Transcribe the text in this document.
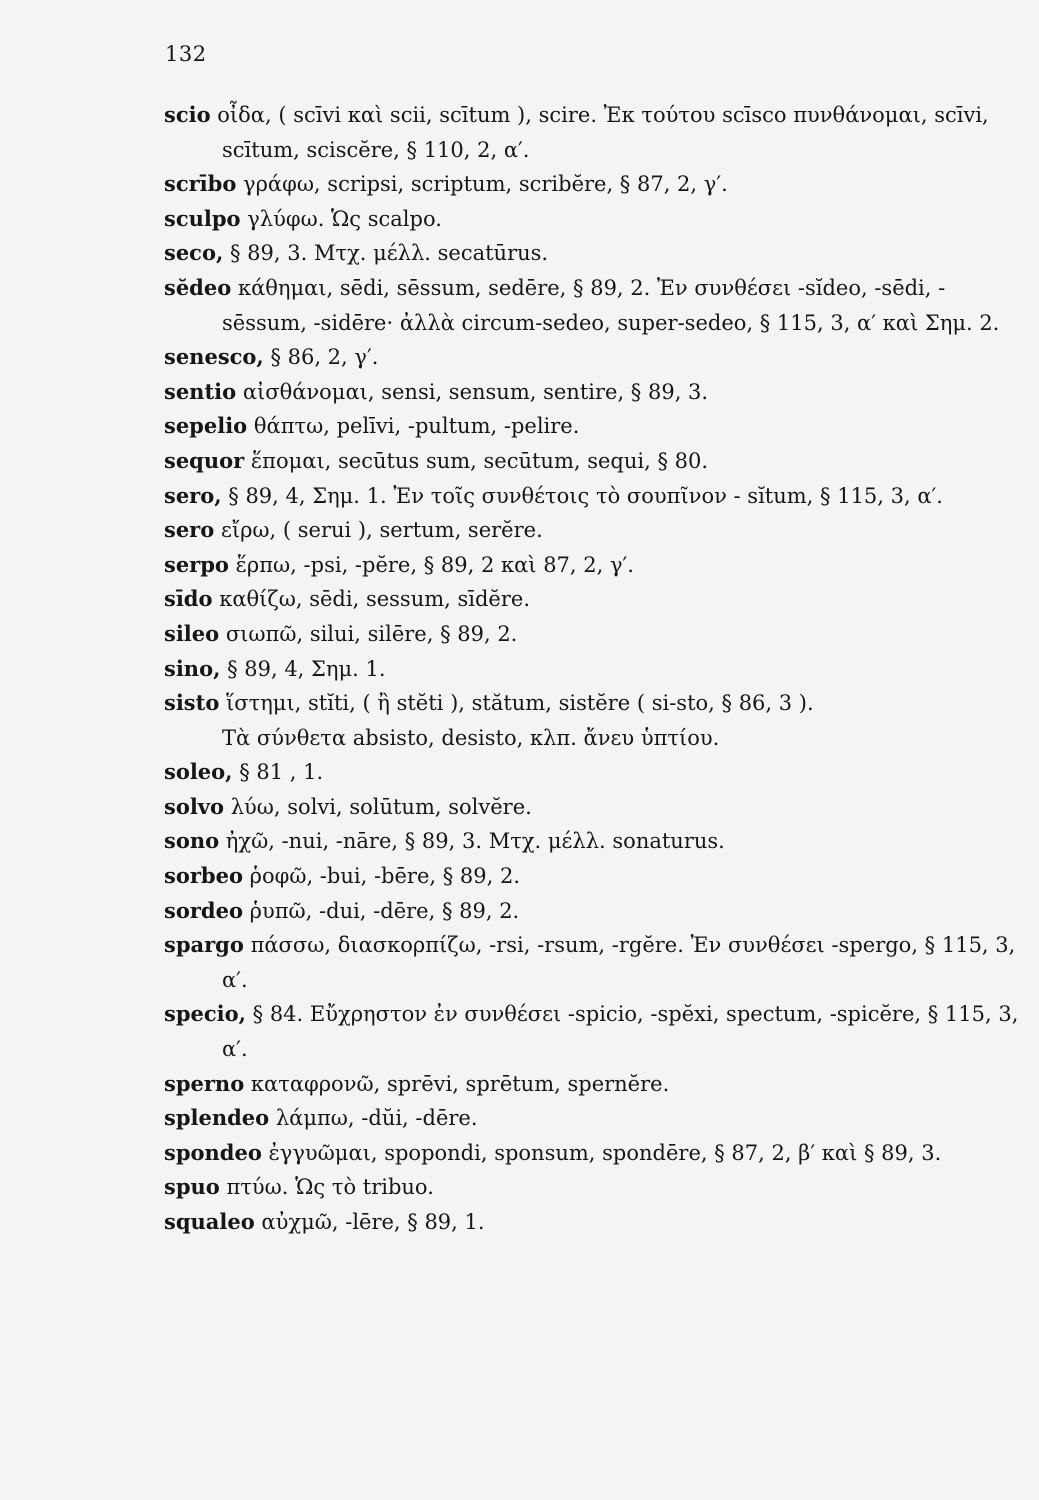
132
scio οἶδα, ( scīvi καὶ scii, scītum ), scire. Ἐκ τούτου scīsco πυνθάνομαι, scīvi, scītum, sciscĕre, § 110, 2, α′.
scrībo γράφω, scripsi, scriptum, scribĕre, § 87, 2, γ′.
sculpo γλύφω. Ὡς scalpo.
seco, § 89, 3. Μτχ. μέλλ. secatūrus.
sĕdeo κάθημαι, sēdi, sēssum, sedēre, § 89, 2. Ἐν συνθέσει -sĭdeo, -sēdi, -sēssum, -sidēre· ἀλλὰ circum-sedeo, super-sedeo, § 115, 3, α′ καὶ Σημ. 2.
senesco, § 86, 2, γ′.
sentio αἰσθάνομαι, sensi, sensum, sentire, § 89, 3.
sepelio θάπτω, pelīvi, -pultum, -pelire.
sequor ἕπομαι, secūtus sum, secūtum, sequi, § 80.
sero, § 89, 4, Σημ. 1. Ἐν τοῖς συνθέτοις τὸ σουπῖνον - sĭtum, § 115, 3, α′.
sero εἴρω, ( serui ), sertum, serĕre.
serpo ἕρπω, -psi, -pĕre, § 89, 2 καὶ 87, 2, γ′.
sīdo καθίζω, sēdi, sessum, sīdĕre.
sileo σιωπῶ, silui, silēre, § 89, 2.
sino, § 89, 4, Σημ. 1.
sisto ἵστημι, stĭti, ( ἢ stĕti ), stătum, sistĕre ( si-sto, § 86, 3 ).
Τὰ σύνθετα absisto, desisto, κλπ. ἄνευ ὑπτίου.
soleo, § 81 , 1.
solvo λύω, solvi, solūtum, solvĕre.
sono ἠχῶ, -nui, -nāre, § 89, 3. Μτχ. μέλλ. sonaturus.
sorbeo ῥοφῶ, -bui, -bēre, § 89, 2.
sordeo ῥυπῶ, -dui, -dēre, § 89, 2.
spargo πάσσω, διασκορπίζω, -rsi, -rsum, -rgĕre. Ἐν συνθέσει -spergo, § 115, 3, α′.
specio, § 84. Εὔχρηστον ἐν συνθέσει -spicio, -spĕxi, spectum, -spicĕre, § 115, 3, α′.
sperno καταφρονῶ, sprēvi, sprētum, spernĕre.
splendeo λάμπω, -dŭi, -dēre.
spondeo ἐγγυῶμαι, spopondi, sponsum, spondēre, § 87, 2, β′ καὶ § 89, 3.
spuo πτύω. Ὡς τὸ tribuo.
squaleo αὐχμῶ, -lēre, § 89, 1.
